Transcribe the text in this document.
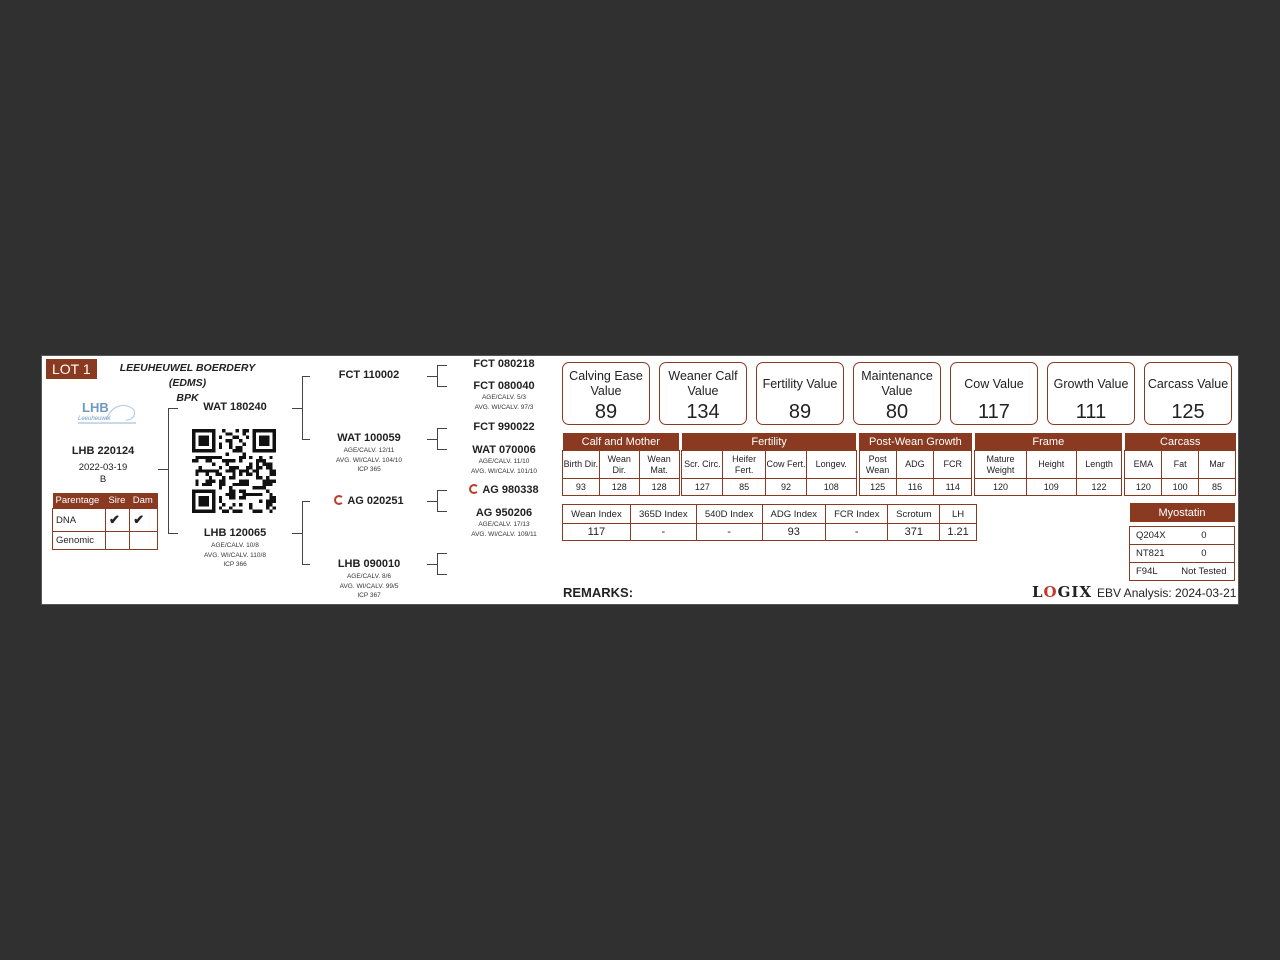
LOT 1	LEEUHEUWEL BOERDERY (EDMS)
BPK
LHB
Leeuheuwel
LHB 220124
2022-03-19
B
Parentage	Sire	Dam
DNA	✔	✔
Genomic		
WAT 180240
LHB 120065
AGE/CALV. 10/8
AVG. WI/CALV. 110/8
ICP 366
FCT 110002
WAT 100059
AGE/CALV. 12/11
AVG. WI/CALV. 104/10
ICP 365
AG 020251
LHB 090010
AGE/CALV. 8/6
AVG. WI/CALV. 99/5
ICP 367
FCT 080218
FCT 080040
AGE/CALV. 5/3
AVG. WI/CALV. 97/3
FCT 990022
WAT 070006
AGE/CALV. 11/10
AVG. WI/CALV. 101/10
AG 980338
AG 950206
AGE/CALV. 17/13
AVG. WI/CALV. 109/11
Calving Ease Value
89
Weaner Calf Value
134
Fertility Value
89
Maintenance Value
80
Cow Value
117
Growth Value
111
Carcass Value
125
Calf and Mother				Fertility					Post-Wean Growth				Frame				Carcass		
Birth Dir.	Wean Dir.	Wean Mat.		Scr. Circ.	Heifer Fert.	Cow Fert.	Longev.		Post Wean	ADG	FCR		Mature Weight	Height	Length		EMA	Fat	Mar
93	128	128		127	85	92	108		125	116	114		120	109	122		120	100	85
Wean Index	365D Index	540D Index	ADG Index	FCR Index	Scrotum	LH
117	-	-	93	-	371	1.21
Myostatin	

Q204X	0
NT821	0
F94L	Not Tested
REMARKS:	LOGIX EBV Analysis: 2024-03-21
